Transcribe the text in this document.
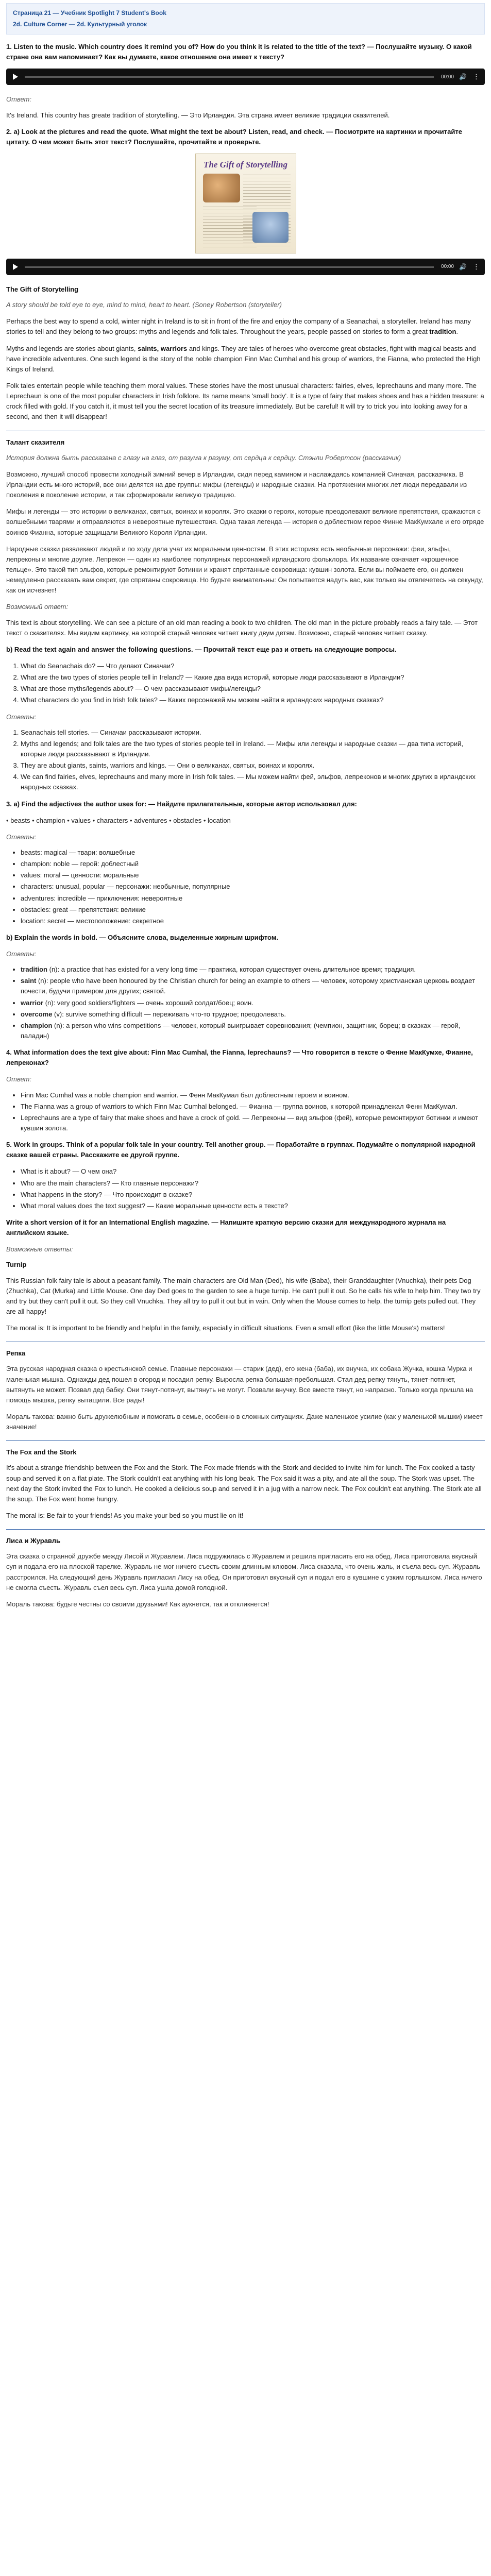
Страница 21 — Учебник Spotlight 7 Student's Book
2d. Culture Corner — 2d. Культурный уголок

1. Listen to the music. Which country does it remind you of? How do you think it is related to the title of the text? — Послушайте музыку. О какой стране она вам напоминает? Как вы думаете, какое отношение она имеет к тексту?

00:00 🔊 ⋮

Ответ:

It's Ireland. This country has greate tradition of storytelling. — Это Ирландия. Эта страна имеет великие традиции сказителей.

2. a) Look at the pictures and read the quote. What might the text be about? Listen, read, and check. — Посмотрите на картинки и прочитайте цитату. О чем может быть этот текст? Послушайте, прочитайте и проверьте.

The Gift of Storytelling
00:00 🔊 ⋮
The Gift of Storytelling

A story should be told eye to eye, mind to mind, heart to heart. (Soney Robertson (storyteller)

Perhaps the best way to spend a cold, winter night in Ireland is to sit in front of the fire and enjoy the company of a Seanachai, a storyteller. Ireland has many stories to tell and they belong to two groups: myths and legends and folk tales. Throughout the years, people passed on stories to form a great tradition.

Myths and legends are stories about giants, saints, warriors and kings. They are tales of heroes who overcome great obstacles, fight with magical beasts and have incredible adventures. One such legend is the story of the noble champion Finn Mac Cumhal and his group of warriors, the Fianna, who protected the High Kings of Ireland.

Folk tales entertain people while teaching them moral values. These stories have the most unusual characters: fairies, elves, leprechauns and many more. The Leprechaun is one of the most popular characters in Irish folklore. Its name means 'small body'. It is a type of fairy that makes shoes and has a hidden treasure: a crock filled with gold. If you catch it, it must tell you the secret location of its treasure immediately. But be careful! It will try to trick you into looking away for a second, and then it will disappear!

Талант сказителя

История должна быть рассказана с глазу на глаз, от разума к разуму, от сердца к сердцу. Стэнли Робертсон (рассказчик)

Возможно, лучший способ провести холодный зимний вечер в Ирландии, сидя перед камином и наслаждаясь компанией Синачая, рассказчика. В Ирландии есть много историй, все они делятся на две группы: мифы (легенды) и народные сказки. На протяжении многих лет люди передавали из поколения в поколение истории, и так сформировали великую традицию.

Мифы и легенды — это истории о великанах, святых, воинах и королях. Это сказки о героях, которые преодолевают великие препятствия, сражаются с волшебными тварями и отправляются в невероятные путешествия. Одна такая легенда — история о доблестном герое Финне МакКумхале и его отряде воинов Фианна, которые защищали Великого Короля Ирландии.

Народные сказки развлекают людей и по ходу дела учат их моральным ценностям. В этих историях есть необычные персонажи: феи, эльфы, лепреконы и многие другие. Лепрекон — один из наиболее популярных персонажей ирландского фольклора. Их название означает «крошечное тельце». Это такой тип эльфов, которые ремонтируют ботинки и хранят спрятанные сокровища: кувшин золота. Если вы поймаете его, он должен немедленно рассказать вам секрет, где спрятаны сокровища. Но будьте внимательны: Он попытается надуть вас, как только вы отвлечетесь на секунду, как он исчезнет!

Возможный ответ:

This text is about storytelling. We can see a picture of an old man reading a book to two children. The old man in the picture probably reads a fairy tale. — Этот текст о сказителях. Мы видим картинку, на которой старый человек читает книгу двум детям. Возможно, старый человек читает сказку.

b) Read the text again and answer the following questions. — Прочитай текст еще раз и ответь на следующие вопросы.

1. What do Seanachais do? — Что делают Синачаи?
2. What are the two types of stories people tell in Ireland? — Какие два вида историй, которые люди рассказывают в Ирландии?
3. What are those myths/legends about? — О чем рассказывают мифы/легенды?
4. What characters do you find in Irish folk tales? — Каких персонажей мы можем найти в ирландских народных сказках?

Ответы:

1. Seanachais tell stories. — Синачаи рассказывают истории.
2. Myths and legends; and folk tales are the two types of stories people tell in Ireland. — Мифы или легенды и народные сказки — два типа историй, которые люди рассказывают в Ирландии.
3. They are about giants, saints, warriors and kings. — Они о великанах, святых, воинах и королях.
4. We can find fairies, elves, leprechauns and many more in Irish folk tales. — Мы можем найти фей, эльфов, лепреконов и многих других в ирландских народных сказках.

3. a) Find the adjectives the author uses for: — Найдите прилагательные, которые автор использовал для:

• beasts • champion • values • characters • adventures • obstacles • location

Ответы:

• beasts: magical — твари: волшебные
• champion: noble — герой: доблестный
• values: moral — ценности: моральные
• characters: unusual, popular — персонажи: необычные, популярные
• adventures: incredible — приключения: невероятные
• obstacles: great — препятствия: великие
• location: secret — местоположение: секретное

b) Explain the words in bold. — Объясните слова, выделенные жирным шрифтом.

Ответы:

• tradition (n): a practice that has existed for a very long time — практика, которая существует очень длительное время; традиция.
• saint (n): people who have been honoured by the Christian church for being an example to others — человек, которому христианская церковь воздает почести, будучи примером для других; святой.
• warrior (n): very good soldiers/fighters — очень хороший солдат/боец; воин.
• overcome (v): survive something difficult — переживать что-то трудное; преодолевать.
• champion (n): a person who wins competitions — человек, который выигрывает соревнования; (чемпион, защитник, борец; в сказках — герой, паладин)

4. What information does the text give about: Finn Mac Cumhal, the Fianna, leprechauns? — Что говорится в тексте о Фенне МакКумхе, Фианне, лепреконах?

Ответ:

• Finn Mac Cumhal was a noble champion and warrior. — Фенн МакКумал был доблестным героем и воином.
• The Fianna was a group of warriors to which Finn Mac Cumhal belonged. — Фианна — группа воинов, к которой принадлежал Фенн МакКумал.
• Leprechauns are a type of fairy that make shoes and have a crock of gold. — Лепреконы — вид эльфов (фей), которые ремонтируют ботинки и имеют кувшин золота.

5. Work in groups. Think of a popular folk tale in your country. Tell another group. — Поработайте в группах. Подумайте о популярной народной сказке вашей страны. Расскажите ее другой группе.

• What is it about? — О чем она?
• Who are the main characters? — Кто главные персонажи?
• What happens in the story? — Что происходит в сказке?
• What moral values does the text suggest? — Какие моральные ценности есть в тексте?

Write a short version of it for an International English magazine. — Напишите краткую версию сказки для международного журнала на английском языке.

Возможные ответы:

Turnip

This Russian folk fairy tale is about a peasant family. The main characters are Old Man (Ded), his wife (Baba), their Granddaughter (Vnuchka), their pets Dog (Zhuchka), Cat (Murka) and Little Mouse. One day Ded goes to the garden to see a huge turnip. He can't pull it out. So he calls his wife to help him. They two try and try but they can't pull it out. So they call Vnuchka. They all try to pull it out but in vain. Only when the Mouse comes to help, the turnip gets pulled out. They are all happy!

The moral is: It is important to be friendly and helpful in the family, especially in difficult situations. Even a small effort (like the little Mouse's) matters!

Репка

Эта русская народная сказка о крестьянской семье. Главные персонажи — старик (дед), его жена (баба), их внучка, их собака Жучка, кошка Мурка и маленькая мышка. Однажды дед пошел в огород и посадил репку. Выросла репка большая-пребольшая. Стал дед репку тянуть, тянет-потянет, вытянуть не может. Позвал дед бабку. Они тянут-потянут, вытянуть не могут. Позвали внучку. Все вместе тянут, но напрасно. Только когда пришла на помощь мышка, репку вытащили. Все рады!

Мораль такова: важно быть дружелюбным и помогать в семье, особенно в сложных ситуациях. Даже маленькое усилие (как у маленькой мышки) имеет значение!

The Fox and the Stork

It's about a strange friendship between the Fox and the Stork. The Fox made friends with the Stork and decided to invite him for lunch. The Fox cooked a tasty soup and served it on a flat plate. The Stork couldn't eat anything with his long beak. The Fox said it was a pity, and ate all the soup. The Stork was upset. The next day the Stork invited the Fox to lunch. He cooked a delicious soup and served it in a jug with a narrow neck. The Fox couldn't eat anything. The Stork ate all the soup. The Fox went home hungry.

The moral is: Be fair to your friends! As you make your bed so you must lie on it!

Лиса и Журавль

Эта сказка о странной дружбе между Лисой и Журавлем. Лиса подружилась с Журавлем и решила пригласить его на обед. Лиса приготовила вкусный суп и подала его на плоской тарелке. Журавль не мог ничего съесть своим длинным клювом. Лиса сказала, что очень жаль, и съела весь суп. Журавль расстроился. На следующий день Журавль пригласил Лису на обед. Он приготовил вкусный суп и подал его в кувшине с узким горлышком. Лиса ничего не смогла съесть. Журавль съел весь суп. Лиса ушла домой голодной.

Мораль такова: будьте честны со своими друзьями! Как аукнется, так и откликнется!
